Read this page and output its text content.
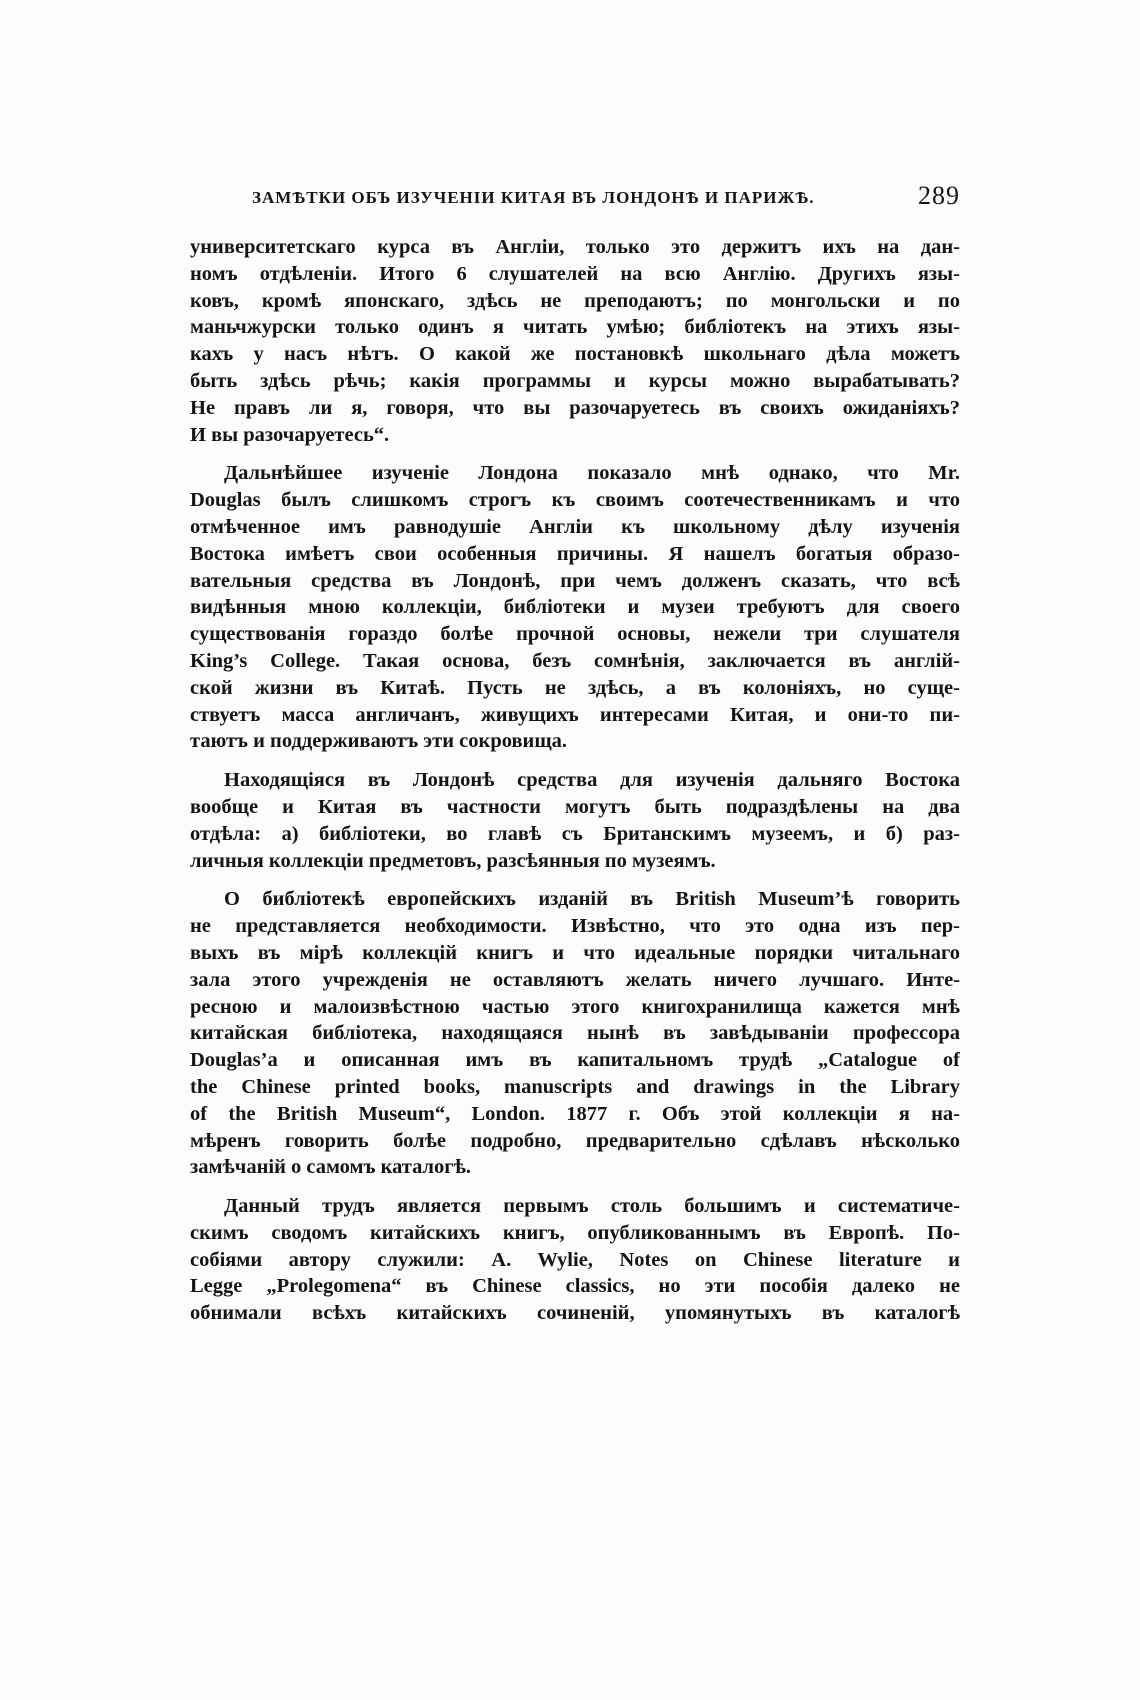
ЗАМѢТКИ ОБЪ ИЗУЧЕНІИ КИТАЯ ВЪ ЛОНДОНѢ И ПАРИЖѢ.	289
университетскаго курса въ Англіи, только это держитъ ихъ на дан-
номъ отдѣленіи. Итого 6 слушателей на всю Англію. Другихъ язы-
ковъ, кромѣ японскаго, здѣсь не преподаютъ; по монгольски и по
маньчжурски только одинъ я читать умѣю; библіотекъ на этихъ язы-
кахъ у насъ нѣтъ. О какой же постановкѣ школьнаго дѣла можетъ
быть здѣсь рѣчь; какія программы и курсы можно вырабатывать?
Не правъ ли я, говоря, что вы разочаруетесь въ своихъ ожиданіяхъ?
И вы разочаруетесь“.
Дальнѣйшее изученіе Лондона показало мнѣ однако, что Mr.
Douglas былъ слишкомъ строгъ къ своимъ соотечественникамъ и что
отмѣченное имъ равнодушіе Англіи къ школьному дѣлу изученія
Востока имѣетъ свои особенныя причины. Я нашелъ богатыя образо-
вательныя средства въ Лондонѣ, при чемъ долженъ сказать, что всѣ
видѣнныя мною коллекціи, библіотеки и музеи требуютъ для своего
существованія гораздо болѣе прочной основы, нежели три слушателя
King’s College. Такая основа, безъ сомнѣнія, заключается въ англій-
ской жизни въ Китаѣ. Пусть не здѣсь, а въ колоніяхъ, но суще-
ствуетъ масса англичанъ, живущихъ интересами Китая, и они-то пи-
таютъ и поддерживаютъ эти сокровища.
Находящіяся въ Лондонѣ средства для изученія дальняго Востока
вообще и Китая въ частности могутъ быть подраздѣлены на два
отдѣла: а) библіотеки, во главѣ съ Британскимъ музеемъ, и б) раз-
личныя коллекціи предметовъ, разсѣянныя по музеямъ.
О библіотекѣ европейскихъ изданій въ British Museum’ѣ говорить
не представляется необходимости. Извѣстно, что это одна изъ пер-
выхъ въ мірѣ коллекцій книгъ и что идеальные порядки читальнаго
зала этого учрежденія не оставляютъ желать ничего лучшаго. Инте-
ресною и малоизвѣстною частью этого книгохранилища кажется мнѣ
китайская библіотека, находящаяся нынѣ въ завѣдываніи профессора
Douglas’а и описанная имъ въ капитальномъ трудѣ „Catalogue of
the Chinese printed books, manuscripts and drawings in the Library
of the British Museum“, London. 1877 г. Объ этой коллекціи я на-
мѣренъ говорить болѣе подробно, предварительно сдѣлавъ нѣсколько
замѣчаній о самомъ каталогѣ.
Данный трудъ является первымъ столь большимъ и систематиче-
скимъ сводомъ китайскихъ книгъ, опубликованнымъ въ Европѣ. По-
собіями автору служили: A. Wylie, Notes on Chinese literature и
Legge „Prolegomena“ въ Chinese classics, но эти пособія далеко не
обнимали всѣхъ китайскихъ сочиненій, упомянутыхъ въ каталогѣ
